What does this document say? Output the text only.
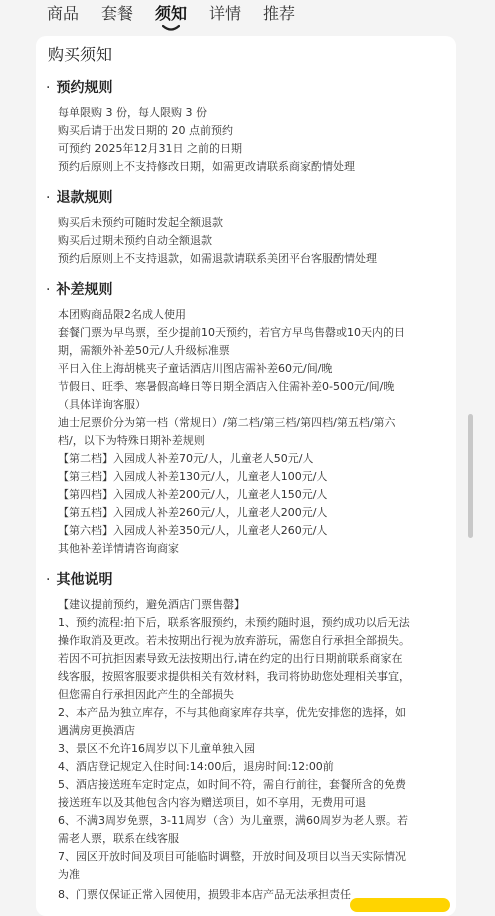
商品 套餐 须知 详情 推荐
购买须知
· 预约规则
每单限购 3 份，每人限购 3 份
购买后请于出发日期的 20 点前预约
可预约 2025年12月31日 之前的日期
预约后原则上不支持修改日期，如需更改请联系商家酌情处理
· 退款规则
购买后未预约可随时发起全额退款
购买后过期未预约自动全额退款
预约后原则上不支持退款，如需退款请联系美团平台客服酌情处理
· 补差规则
本团购商品限2名成人使用
套餐门票为早鸟票，至少提前10天预约，若官方早鸟售罄或10天内的日
期，需额外补差50元/人升级标准票
平日入住上海胡桃夹子童话酒店川图店需补差60元/间/晚
节假日、旺季、寒暑假高峰日等日期全酒店入住需补差0-500元/间/晚
（具体详询客服）
迪士尼票价分为第一档（常规日）/第二档/第三档/第四档/第五档/第六
档/，以下为特殊日期补差规则
【第二档】入园成人补差70元/人，儿童老人50元/人
【第三档】入园成人补差130元/人，儿童老人100元/人
【第四档】入园成人补差200元/人，儿童老人150元/人
【第五档】入园成人补差260元/人，儿童老人200元/人
【第六档】入园成人补差350元/人，儿童老人260元/人
其他补差详情请咨询商家
· 其他说明
【建议提前预约，避免酒店门票售罄】
1、预约流程:拍下后，联系客服预约，未预约随时退，预约成功以后无法
操作取消及更改。若未按期出行视为放弃游玩，需您自行承担全部损失。
若因不可抗拒因素导致无法按期出行,请在约定的出行日期前联系商家在
线客服，按照客服要求提供相关有效材料，我司将协助您处理相关事宜，
但您需自行承担因此产生的全部损失
2、本产品为独立库存，不与其他商家库存共享，优先安排您的选择，如
遇满房更换酒店
3、景区不允许16周岁以下儿童单独入园
4、酒店登记规定入住时间:14:00后，退房时间:12:00前
5、酒店接送班车定时定点，如时间不符，需自行前往，套餐所含的免费
接送班车以及其他包含内容为赠送项目，如不享用，无费用可退
6、不满3周岁免票，3-11周岁（含）为儿童票，满60周岁为老人票。若
需老人票，联系在线客服
7、园区开放时间及项目可能临时调整，开放时间及项目以当天实际情况
为准
8、门票仅保证正常入园使用，损毁非本店产品无法承担责任
